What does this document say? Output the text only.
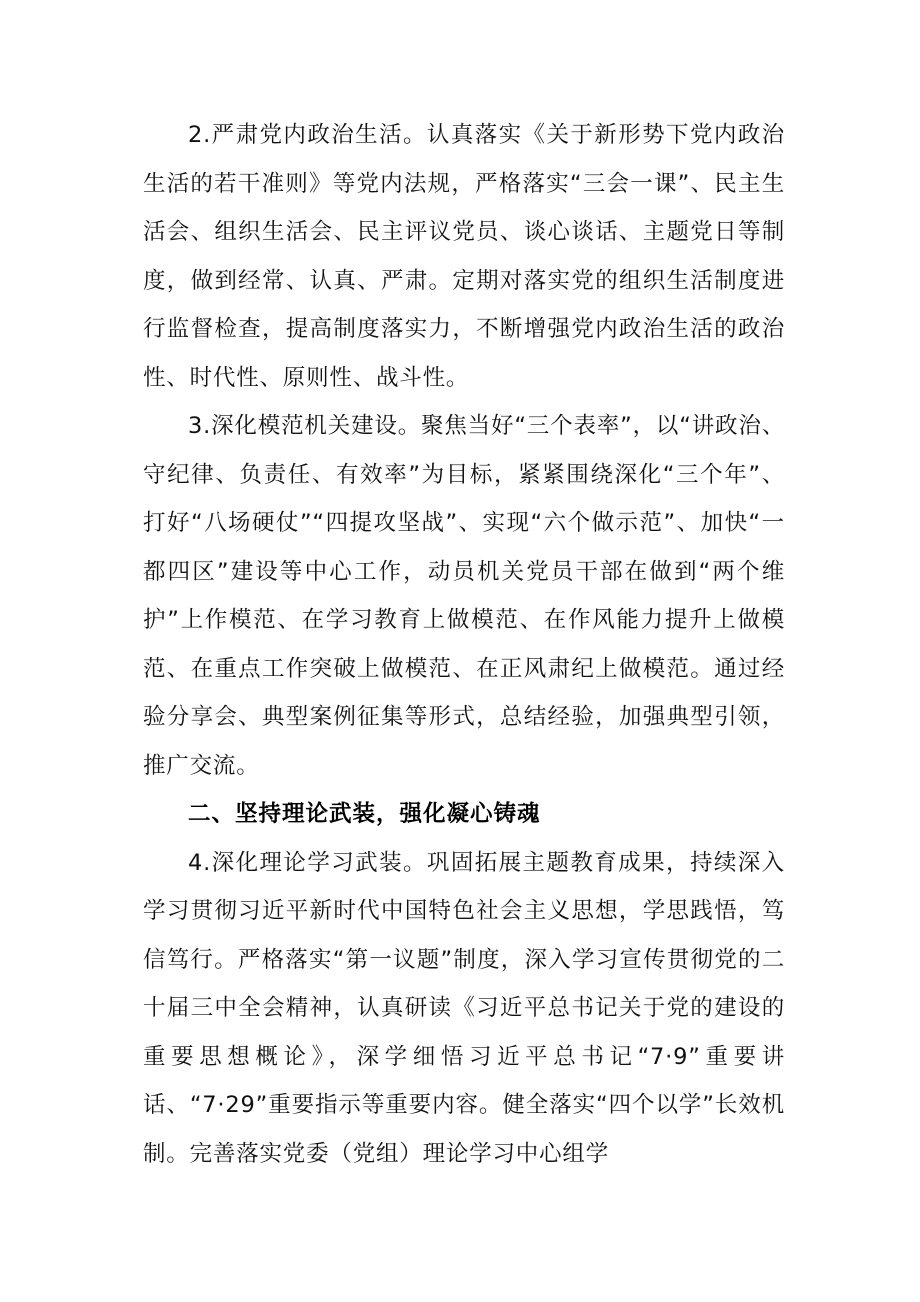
2.严肃党内政治生活。认真落实《关于新形势下党内政治生活的若干准则》等党内法规，严格落实“三会一课”、民主生活会、组织生活会、民主评议党员、谈心谈话、主题党日等制度，做到经常、认真、严肃。定期对落实党的组织生活制度进行监督检查，提高制度落实力，不断增强党内政治生活的政治性、时代性、原则性、战斗性。

3.深化模范机关建设。聚焦当好“三个表率”，以“讲政治、守纪律、负责任、有效率”为目标，紧紧围绕深化“三个年”、打好“八场硬仗”“四提攻坚战”、实现“六个做示范”、加快“一都四区”建设等中心工作，动员机关党员干部在做到“两个维护”上作模范、在学习教育上做模范、在作风能力提升上做模范、在重点工作突破上做模范、在正风肃纪上做模范。通过经验分享会、典型案例征集等形式，总结经验，加强典型引领，推广交流。

二、坚持理论武装，强化凝心铸魂

4.深化理论学习武装。巩固拓展主题教育成果，持续深入学习贯彻习近平新时代中国特色社会主义思想，学思践悟，笃信笃行。严格落实“第一议题”制度，深入学习宣传贯彻党的二十届三中全会精神，认真研读《习近平总书记关于党的建设的重要思想概论》，深学细悟习近平总书记“7·9”重要讲话、“7·29”重要指示等重要内容。健全落实“四个以学”长效机制。完善落实党委（党组）理论学习中心组学
